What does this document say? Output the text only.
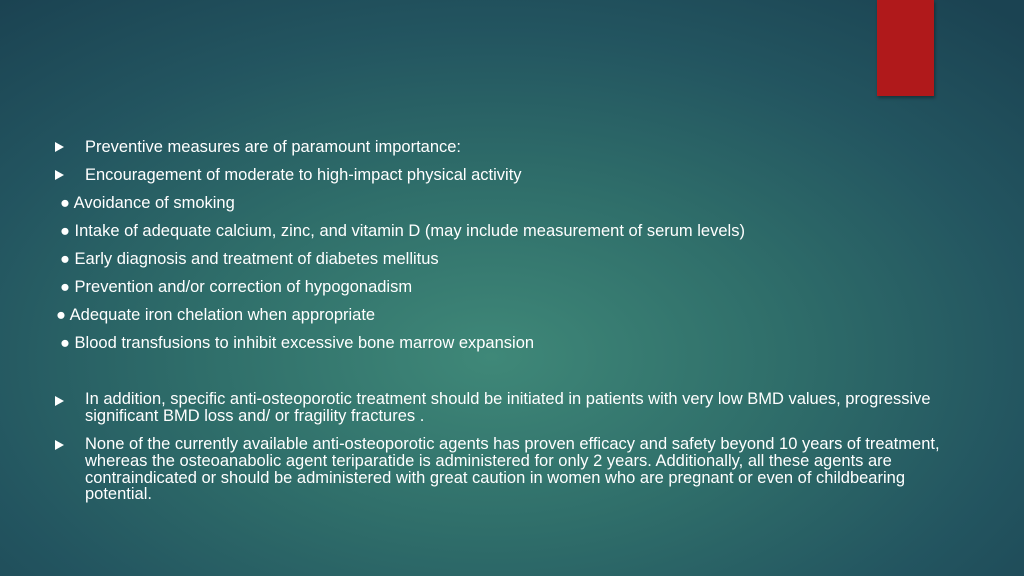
Preventive measures are of paramount importance:
Encouragement of moderate to high-impact physical activity
● Avoidance of smoking
● Intake of adequate calcium, zinc, and vitamin D (may include measurement of serum levels)
● Early diagnosis and treatment of diabetes mellitus
● Prevention and/or correction of hypogonadism
● Adequate iron chelation when appropriate
● Blood transfusions to inhibit excessive bone marrow expansion
In addition, specific anti-osteoporotic treatment should be initiated in patients with very low BMD values, progressive significant BMD loss and/ or fragility fractures .
None of the currently available anti-osteoporotic agents has proven efficacy and safety beyond 10 years of treatment, whereas the osteoanabolic agent teriparatide is administered for only 2 years. Additionally, all these agents are contraindicated or should be administered with great caution in women who are pregnant or even of childbearing potential.
